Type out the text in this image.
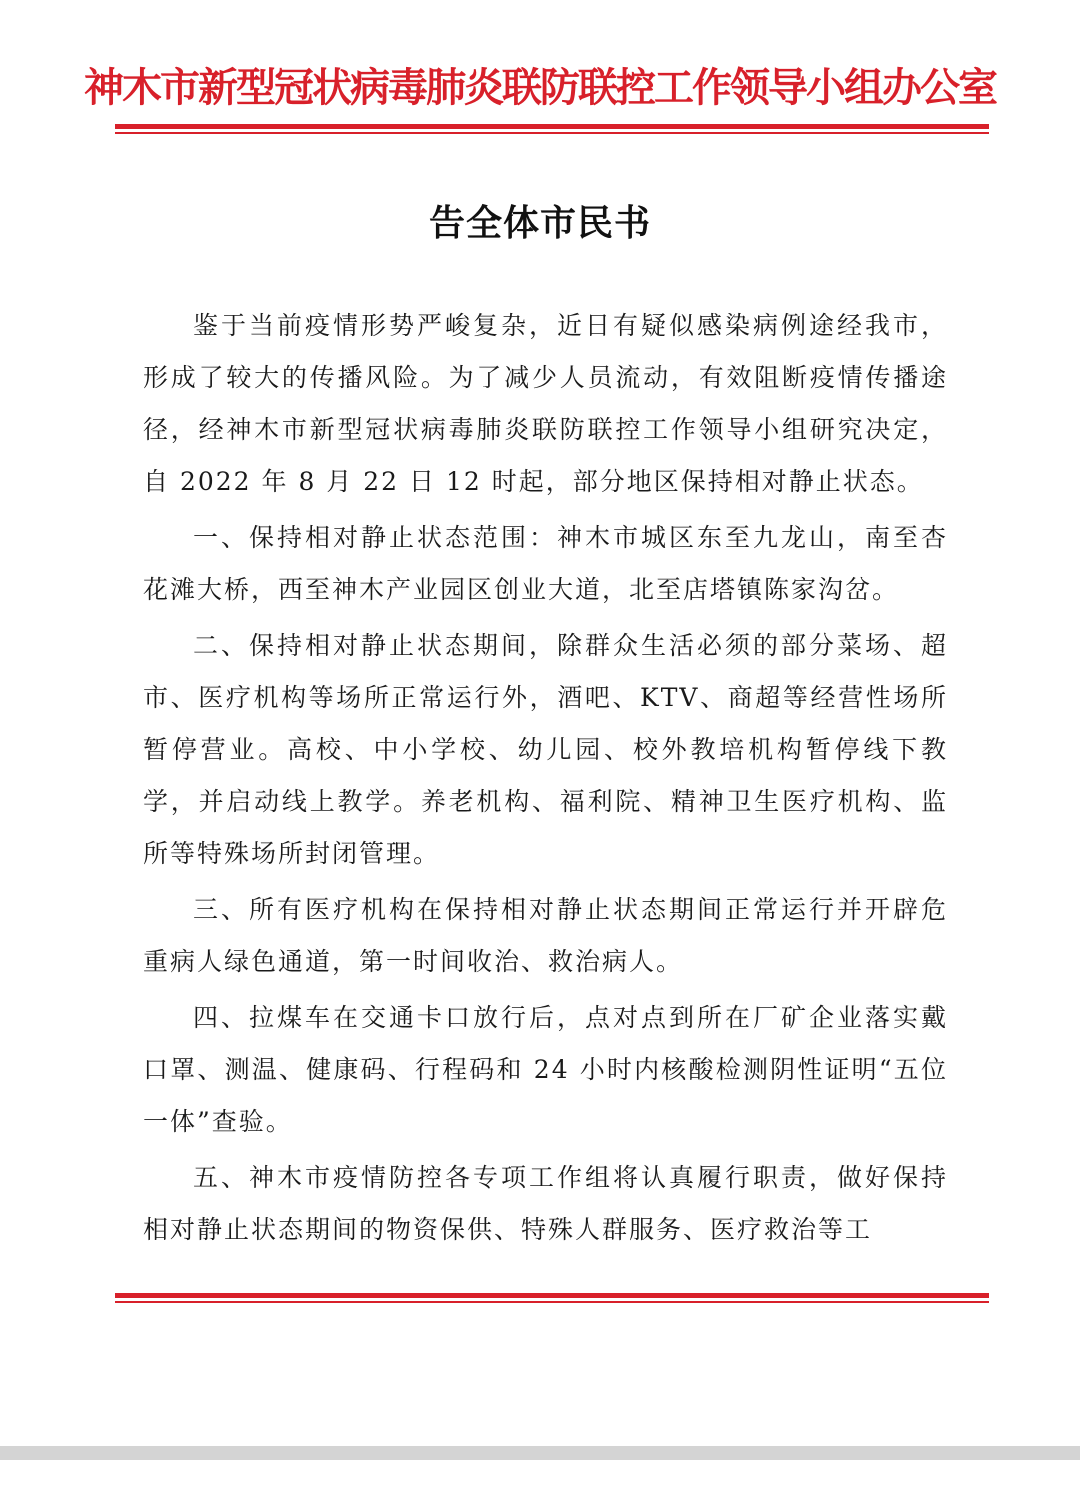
神木市新型冠状病毒肺炎联防联控工作领导小组办公室
告全体市民书

鉴于当前疫情形势严峻复杂，近日有疑似感染病例途经我市，形成了较大的传播风险。为了减少人员流动，有效阻断疫情传播途径，经神木市新型冠状病毒肺炎联防联控工作领导小组研究决定，自 2022 年 8 月 22 日 12 时起，部分地区保持相对静止状态。

一、保持相对静止状态范围：神木市城区东至九龙山，南至杏花滩大桥，西至神木产业园区创业大道，北至店塔镇陈家沟岔。

二、保持相对静止状态期间，除群众生活必须的部分菜场、超市、医疗机构等场所正常运行外，酒吧、KTV、商超等经营性场所暂停营业。高校、中小学校、幼儿园、校外教培机构暂停线下教学，并启动线上教学。养老机构、福利院、精神卫生医疗机构、监所等特殊场所封闭管理。

三、所有医疗机构在保持相对静止状态期间正常运行并开辟危重病人绿色通道，第一时间收治、救治病人。

四、拉煤车在交通卡口放行后，点对点到所在厂矿企业落实戴口罩、测温、健康码、行程码和 24 小时内核酸检测阴性证明“五位一体”查验。

五、神木市疫情防控各专项工作组将认真履行职责，做好保持相对静止状态期间的物资保供、特殊人群服务、医疗救治等工
